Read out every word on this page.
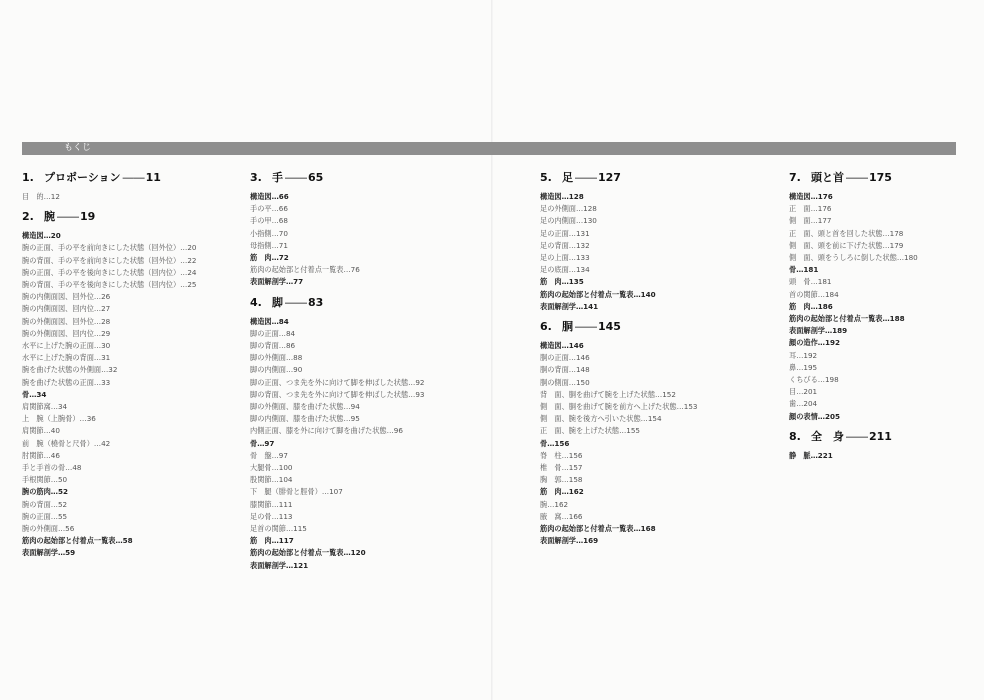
もくじ
1. プロポーション ――11
目　的…12
2. 腕 ――19
構造図…20
腕の正面、手の平を前向きにした状態（回外位）…20
腕の背面、手の平を前向きにした状態（回外位）…22
腕の正面、手の平を後向きにした状態（回内位）…24
腕の背面、手の平を後向きにした状態（回内位）…25
腕の内側面図、回外位…26
腕の内側面図、回内位…27
腕の外側面図、回外位…28
腕の外側面図、回内位…29
水平に上げた腕の正面…30
水平に上げた腕の背面…31
腕を曲げた状態の外側面…32
腕を曲げた状態の正面…33
骨…34
肩関節窩…34
上　腕（上腕骨）…36
肩関節…40
前　腕（橈骨と尺骨）…42
肘関節…46
手と手首の骨…48
手根関節…50
腕の筋肉…52
腕の背面…52
腕の正面…55
腕の外側面…56
筋肉の起始部と付着点一覧表…58
表面解剖学…59
3. 手 ――65
構造図…66
手の平…66
手の甲…68
小指側…70
母指側…71
筋　肉…72
筋肉の起始部と付着点一覧表…76
表面解剖学…77
4. 脚 ――83
構造図…84
脚の正面…84
脚の背面…86
脚の外側面…88
脚の内側面…90
脚の正面、つま先を外に向けて脚を伸ばした状態…92
脚の背面、つま先を外に向けて脚を伸ばした状態…93
脚の外側面、膝を曲げた状態…94
脚の内側面、膝を曲げた状態…95
内側正面、膝を外に向けて脚を曲げた状態…96
骨…97
骨　盤…97
大腿骨…100
股関節…104
下　腿（腓骨と脛骨）…107
膝関節…111
足の骨…113
足首の関節…115
筋　肉…117
筋肉の起始部と付着点一覧表…120
表面解剖学…121
5. 足 ――127
構造図…128
足の外側面…128
足の内側面…130
足の正面…131
足の背面…132
足の上面…133
足の底面…134
筋　肉…135
筋肉の起始部と付着点一覧表…140
表面解剖学…141
6. 胴 ――145
構造図…146
胴の正面…146
胴の背面…148
胴の側面…150
背　面、胴を曲げて腕を上げた状態…152
側　面、胴を曲げて腕を前方へ上げた状態…153
側　面、腕を後方へ引いた状態…154
正　面、腕を上げた状態…155
骨…156
脊　柱…156
椎　骨…157
胸　郭…158
筋　肉…162
腕…162
腋　窩…166
筋肉の起始部と付着点一覧表…168
表面解剖学…169
7. 頭と首 ――175
構造図…176
正　面…176
側　面…177
正　面、頭と首を回した状態…178
側　面、頭を前に下げた状態…179
側　面、頭をうしろに倒した状態…180
骨…181
頭　骨…181
首の関節…184
筋　肉…186
筋肉の起始部と付着点一覧表…188
表面解剖学…189
顔の造作…192
耳…192
鼻…195
くちびる…198
目…201
歯…204
顔の表情…205
8. 全　身 ――211
静　脈…221
